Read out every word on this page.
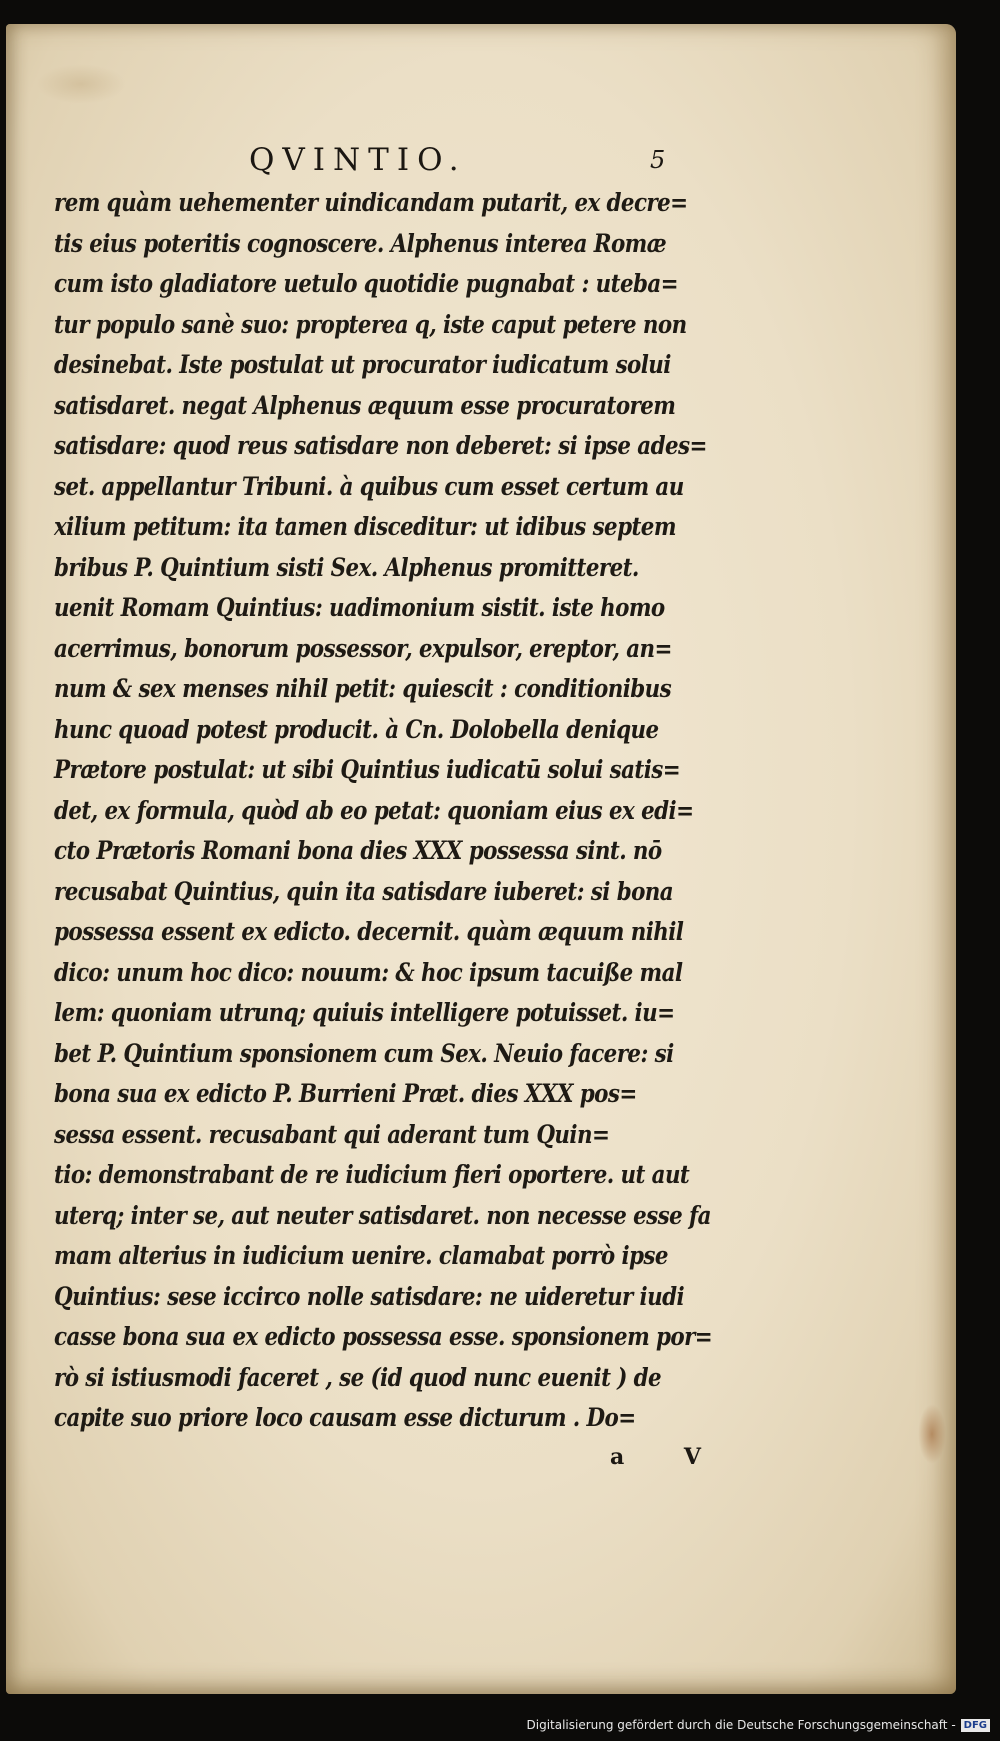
QVINTIO.	5
rem quàm uehementer uindicandam putarit, ex decre=
tis eius poteritis cognoscere. Alphenus interea Romæ
cum isto gladiatore uetulo quotidie pugnabat : uteba=
tur populo sanè suo: propterea q, iste caput petere non
desinebat. Iste postulat ut procurator iudicatum solui
satisdaret. negat Alphenus æquum esse procuratorem
satisdare: quod reus satisdare non deberet: si ipse ades=
set. appellantur Tribuni. à quibus cum esset certum au
xilium petitum: ita tamen disceditur: ut idibus septem
bribus P. Quintium sisti Sex. Alphenus promitteret.
uenit Romam Quintius: uadimonium sistit. iste homo
acerrimus, bonorum possessor, expulsor, ereptor, an=
num & sex menses nihil petit: quiescit : conditionibus
hunc quoad potest producit. à Cn. Dolobella denique
Prætore postulat: ut sibi Quintius iudicatū solui satis=
det, ex formula, quòd ab eo petat: quoniam eius ex edi=
cto Prætoris Romani bona dies XXX possessa sint. nō
recusabat Quintius, quin ita satisdare iuberet: si bona
possessa essent ex edicto. decernit. quàm æquum nihil
dico: unum hoc dico: nouum: & hoc ipsum tacuiße mal
lem: quoniam utrunq; quiuis intelligere potuisset. iu=
bet P. Quintium sponsionem cum Sex. Neuio facere: si
bona sua ex edicto P. Burrieni Præt. dies XXX pos=
sessa essent. recusabant qui aderant tum Quin=
tio: demonstrabant de re iudicium fieri oportere. ut aut
uterq; inter se, aut neuter satisdaret. non necesse esse fa
mam alterius in iudicium uenire. clamabat porrò ipse
Quintius: sese iccirco nolle satisdare: ne uideretur iudi
casse bona sua ex edicto possessa esse. sponsionem por=
rò si istiusmodi faceret , se (id quod nunc euenit ) de
capite suo priore loco causam esse dicturum . Do=
a V
Digitalisierung gefördert durch die Deutsche Forschungsgemeinschaft - DFG
